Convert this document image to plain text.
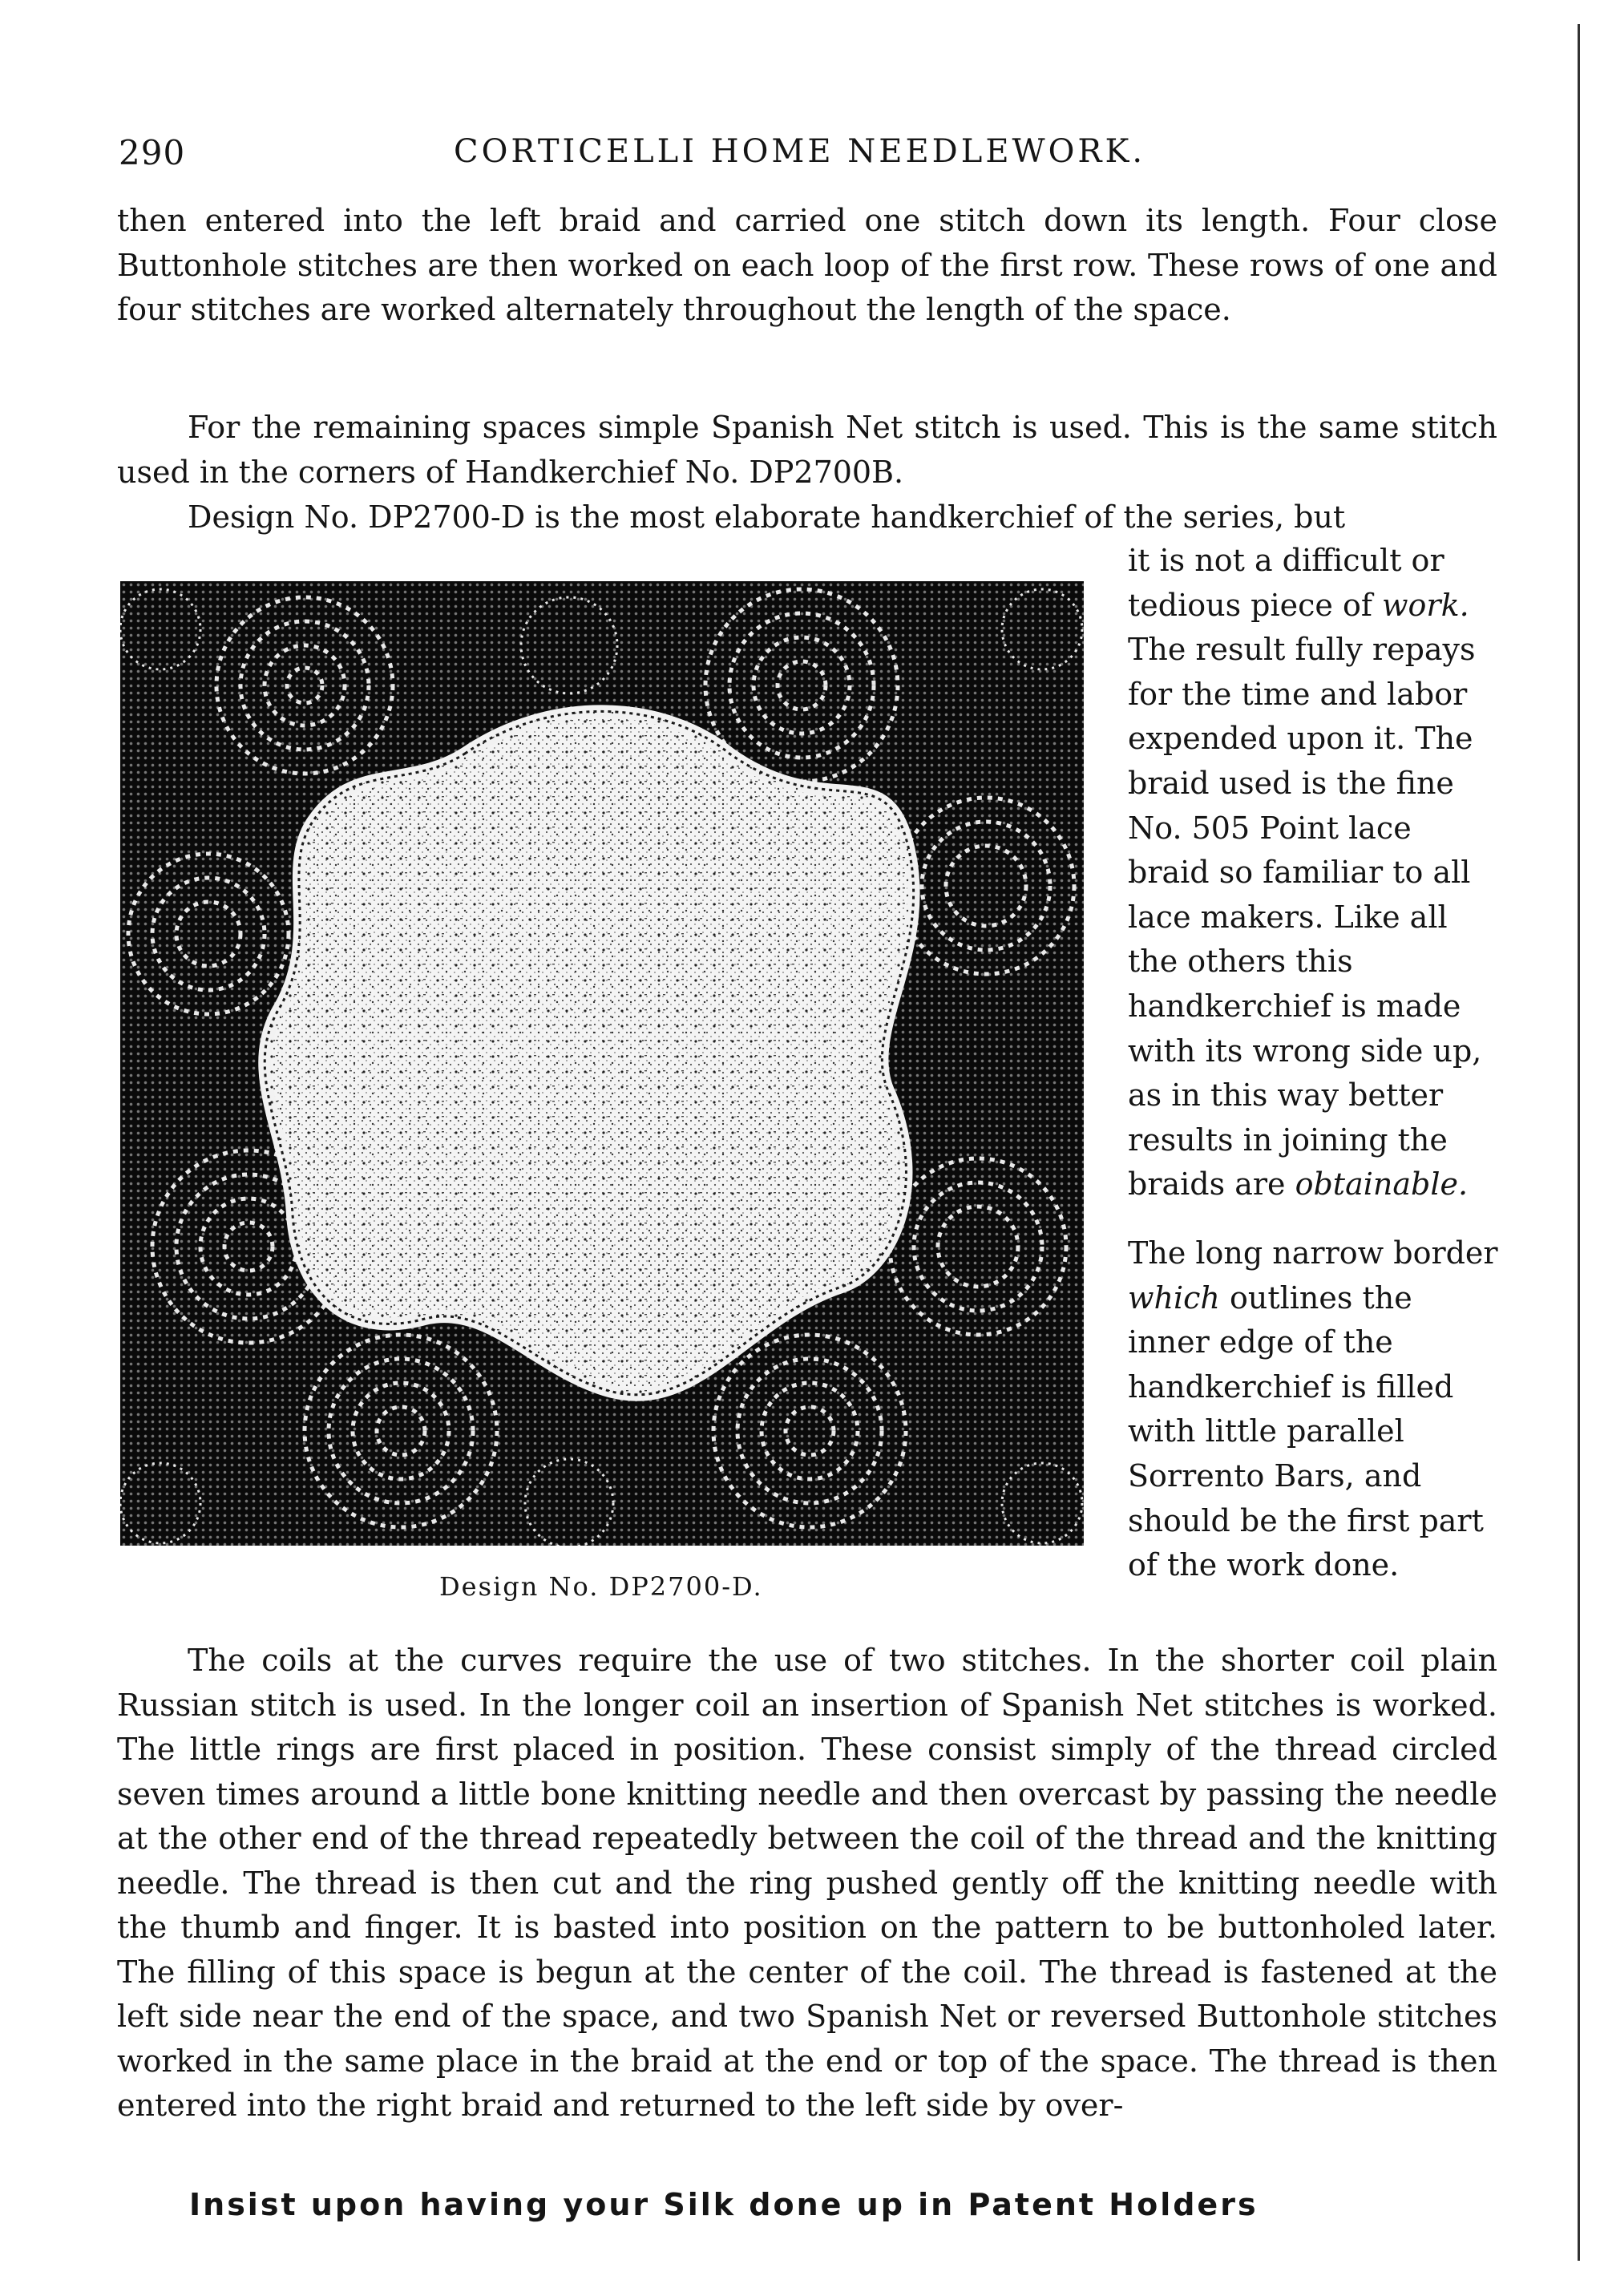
290	CORTICELLI HOME NEEDLEWORK.

then entered into the left braid and carried one stitch down its length. Four close Buttonhole stitches are then worked on each loop of the first row. These rows of one and four stitches are worked alternately throughout the length of the space.

For the remaining spaces simple Spanish Net stitch is used. This is the same stitch used in the corners of Handkerchief No. DP2700B.

Design No. DP2700-D is the most elaborate handkerchief of the series, but

it is not a difficult or tedious piece of work. The result fully repays for the time and labor expended upon it. The braid used is the fine No. 505 Point lace braid so familiar to all lace makers. Like all the others this handkerchief is made with its wrong side up, as in this way better results in joining the braids are obtainable.

The long narrow border which outlines the inner edge of the handkerchief is filled with little parallel Sorrento Bars, and should be the first part of the work done.

Design No. DP2700-D.

The coils at the curves require the use of two stitches. In the shorter coil plain Russian stitch is used. In the longer coil an insertion of Spanish Net stitches is worked. The little rings are first placed in position. These consist simply of the thread circled seven times around a little bone knitting needle and then overcast by passing the needle at the other end of the thread repeatedly between the coil of the thread and the knitting needle. The thread is then cut and the ring pushed gently off the knitting needle with the thumb and finger. It is basted into position on the pattern to be buttonholed later. The filling of this space is begun at the center of the coil. The thread is fastened at the left side near the end of the space, and two Spanish Net or reversed Buttonhole stitches worked in the same place in the braid at the end or top of the space. The thread is then entered into the right braid and returned to the left side by over-

Insist upon having your Silk done up in Patent Holders
